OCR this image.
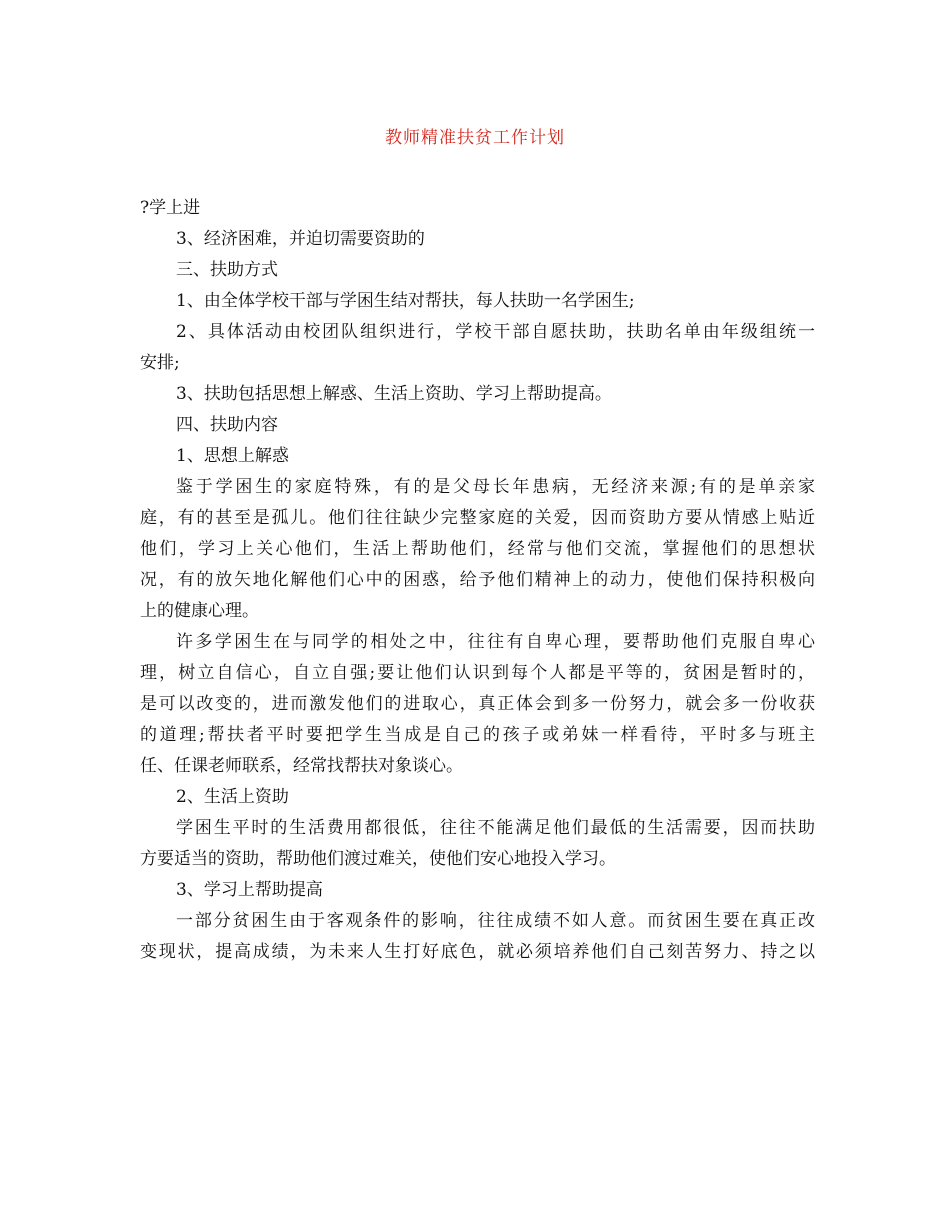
教师精准扶贫工作计划
?学上进
3、经济困难，并迫切需要资助的
三、扶助方式
1、由全体学校干部与学困生结对帮扶，每人扶助一名学困生;
2、具体活动由校团队组织进行，学校干部自愿扶助，扶助名单由年级组统一
安排;
3、扶助包括思想上解惑、生活上资助、学习上帮助提高。
四、扶助内容
1、思想上解惑
鉴于学困生的家庭特殊，有的是父母长年患病，无经济来源;有的是单亲家
庭，有的甚至是孤儿。他们往往缺少完整家庭的关爱，因而资助方要从情感上贴近
他们，学习上关心他们，生活上帮助他们，经常与他们交流，掌握他们的思想状
况，有的放矢地化解他们心中的困惑，给予他们精神上的动力，使他们保持积极向
上的健康心理。
许多学困生在与同学的相处之中，往往有自卑心理，要帮助他们克服自卑心
理，树立自信心，自立自强;要让他们认识到每个人都是平等的，贫困是暂时的，
是可以改变的，进而激发他们的进取心，真正体会到多一份努力，就会多一份收获
的道理;帮扶者平时要把学生当成是自己的孩子或弟妹一样看待，平时多与班主
任、任课老师联系，经常找帮扶对象谈心。
2、生活上资助
学困生平时的生活费用都很低，往往不能满足他们最低的生活需要，因而扶助
方要适当的资助，帮助他们渡过难关，使他们安心地投入学习。
3、学习上帮助提高
一部分贫困生由于客观条件的影响，往往成绩不如人意。而贫困生要在真正改
变现状，提高成绩，为未来人生打好底色，就必须培养他们自己刻苦努力、持之以
